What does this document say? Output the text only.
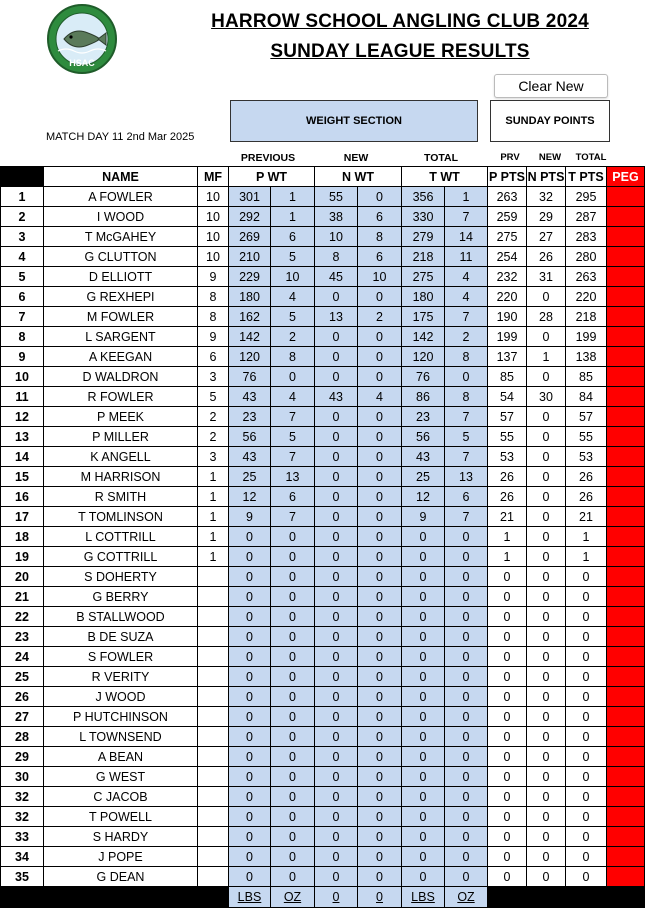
HSAC
HARROW SCHOOL ANGLING CLUB 2024
SUNDAY LEAGUE RESULTS
Clear New
WEIGHT SECTION	SUNDAY POINTS
MATCH DAY 11 2nd Mar 2025
PREVIOUS	NEW	TOTAL	PRV	NEW	TOTAL
	NAME	MF	P WT		N WT		T WT		P PTS	N PTS	T PTS	PEG
1	A FOWLER	10	301	1	55	0	356	1	263	32	295	
2	I WOOD	10	292	1	38	6	330	7	259	29	287	
3	T McGAHEY	10	269	6	10	8	279	14	275	27	283	
4	G CLUTTON	10	210	5	8	6	218	11	254	26	280	
5	D ELLIOTT	9	229	10	45	10	275	4	232	31	263	
6	G REXHEPI	8	180	4	0	0	180	4	220	0	220	
7	M FOWLER	8	162	5	13	2	175	7	190	28	218	
8	L SARGENT	9	142	2	0	0	142	2	199	0	199	
9	A KEEGAN	6	120	8	0	0	120	8	137	1	138	
10	D WALDRON	3	76	0	0	0	76	0	85	0	85	
11	R FOWLER	5	43	4	43	4	86	8	54	30	84	
12	P MEEK	2	23	7	0	0	23	7	57	0	57	
13	P MILLER	2	56	5	0	0	56	5	55	0	55	
14	K ANGELL	3	43	7	0	0	43	7	53	0	53	
15	M HARRISON	1	25	13	0	0	25	13	26	0	26	
16	R SMITH	1	12	6	0	0	12	6	26	0	26	
17	T TOMLINSON	1	9	7	0	0	9	7	21	0	21	
18	L COTTRILL	1	0	0	0	0	0	0	1	0	1	
19	G COTTRILL	1	0	0	0	0	0	0	1	0	1	
20	S DOHERTY		0	0	0	0	0	0	0	0	0	
21	G BERRY		0	0	0	0	0	0	0	0	0	
22	B STALLWOOD		0	0	0	0	0	0	0	0	0	
23	B DE SUZA		0	0	0	0	0	0	0	0	0	
24	S FOWLER		0	0	0	0	0	0	0	0	0	
25	R VERITY		0	0	0	0	0	0	0	0	0	
26	J WOOD		0	0	0	0	0	0	0	0	0	
27	P HUTCHINSON		0	0	0	0	0	0	0	0	0	
28	L TOWNSEND		0	0	0	0	0	0	0	0	0	
29	A BEAN		0	0	0	0	0	0	0	0	0	
30	G WEST		0	0	0	0	0	0	0	0	0	
32	C JACOB		0	0	0	0	0	0	0	0	0	
32	T POWELL		0	0	0	0	0	0	0	0	0	
33	S HARDY		0	0	0	0	0	0	0	0	0	
34	J POPE		0	0	0	0	0	0	0	0	0	
35	G DEAN		0	0	0	0	0	0	0	0	0	
			LBS	OZ	0	0	LBS	OZ				
